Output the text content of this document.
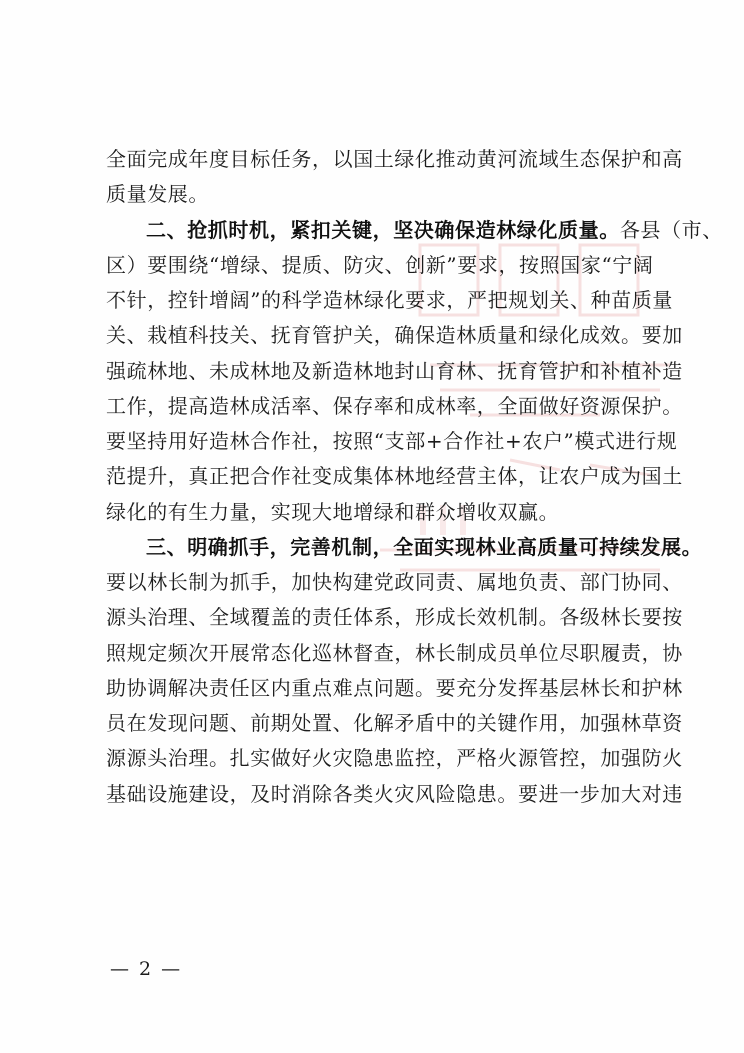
全面完成年度目标任务，以国土绿化推动黄河流域生态保护和高
质量发展。
二、抢抓时机，紧扣关键，坚决确保造林绿化质量。各县（市、
区）要围绕“增绿、提质、防灾、创新”要求，按照国家“宁阔
不针，控针增阔”的科学造林绿化要求，严把规划关、种苗质量
关、栽植科技关、抚育管护关，确保造林质量和绿化成效。要加
强疏林地、未成林地及新造林地封山育林、抚育管护和补植补造
工作，提高造林成活率、保存率和成林率，全面做好资源保护。
要坚持用好造林合作社，按照“支部+合作社+农户”模式进行规
范提升，真正把合作社变成集体林地经营主体，让农户成为国土
绿化的有生力量，实现大地增绿和群众增收双赢。
三、明确抓手，完善机制，全面实现林业高质量可持续发展。
要以林长制为抓手，加快构建党政同责、属地负责、部门协同、
源头治理、全域覆盖的责任体系，形成长效机制。各级林长要按
照规定频次开展常态化巡林督查，林长制成员单位尽职履责，协
助协调解决责任区内重点难点问题。要充分发挥基层林长和护林
员在发现问题、前期处置、化解矛盾中的关键作用，加强林草资
源源头治理。扎实做好火灾隐患监控，严格火源管控，加强防火
基础设施建设，及时消除各类火灾风险隐患。要进一步加大对违
— 2 —
